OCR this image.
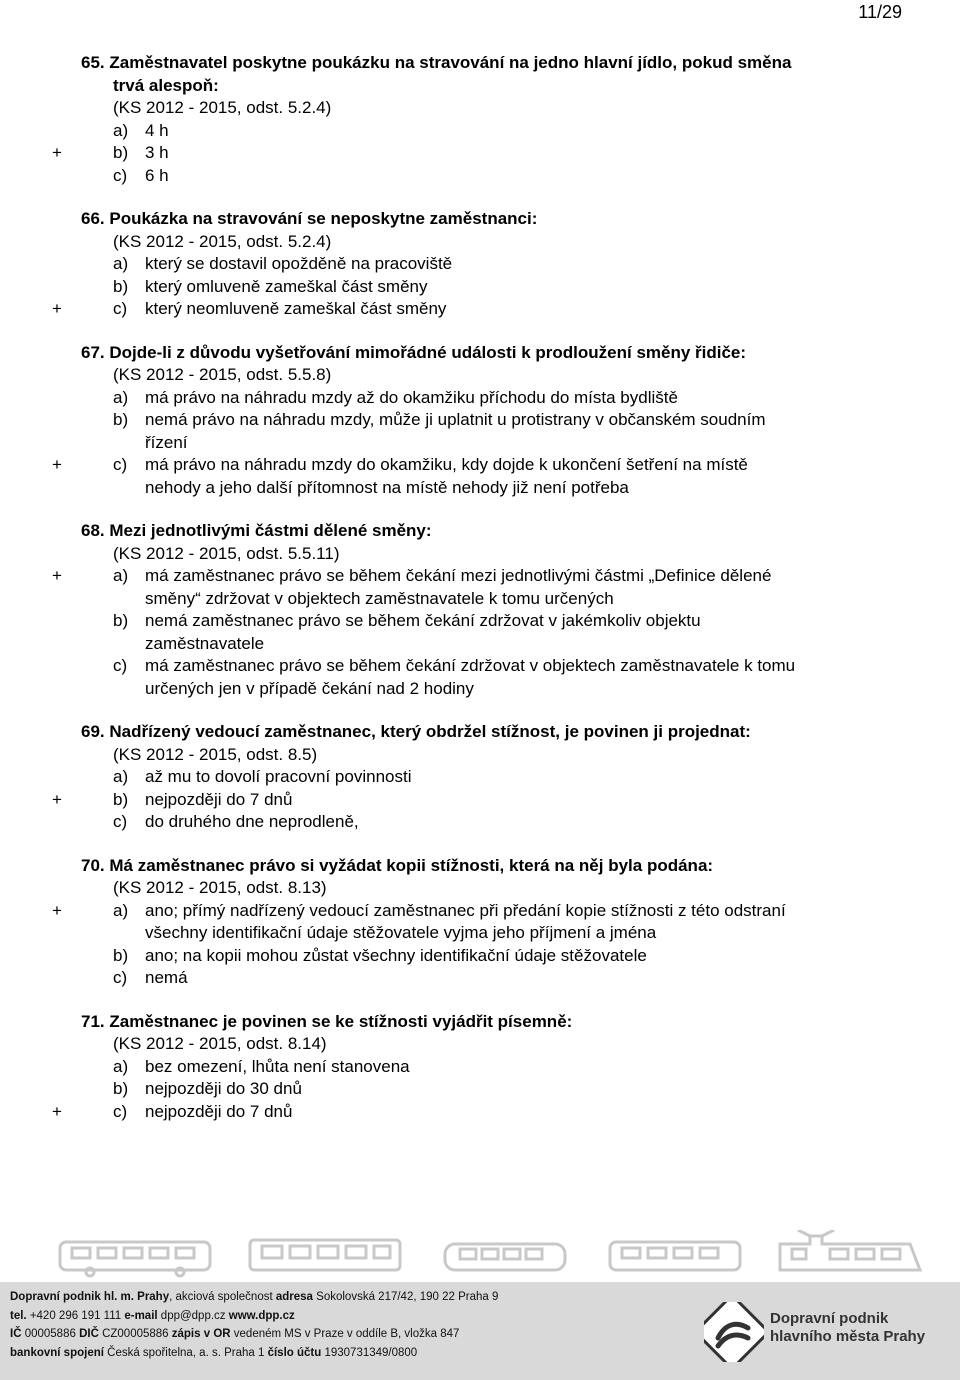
11/29
65. Zaměstnavatel poskytne poukázku na stravování na jedno hlavní jídlo, pokud směna
trvá alespoň:
(KS 2012 - 2015, odst. 5.2.4)
a) 4 h
+	b) 3 h
c) 6 h
66. Poukázka na stravování se neposkytne zaměstnanci:
(KS 2012 - 2015, odst. 5.2.4)
a) který se dostavil opožděně na pracoviště
b) který omluveně zameškal část směny
+	c) který neomluveně zameškal část směny
67. Dojde-li z důvodu vyšetřování mimořádné události k prodloužení směny řidiče:
(KS 2012 - 2015, odst. 5.5.8)
a) má právo na náhradu mzdy až do okamžiku příchodu do místa bydliště
b) nemá právo na náhradu mzdy, může ji uplatnit u protistrany v občanském soudním
řízení
+	c) má právo na náhradu mzdy do okamžiku, kdy dojde k ukončení šetření na místě
nehody a jeho další přítomnost na místě nehody již není potřeba
68. Mezi jednotlivými částmi dělené směny:
(KS 2012 - 2015, odst. 5.5.11)
+	a) má zaměstnanec právo se během čekání mezi jednotlivými částmi „Definice dělené
směny“ zdržovat v objektech zaměstnavatele k tomu určených
b) nemá zaměstnanec právo se během čekání zdržovat v jakémkoliv objektu
zaměstnavatele
c) má zaměstnanec právo se během čekání zdržovat v objektech zaměstnavatele k tomu
určených jen v případě čekání nad 2 hodiny
69. Nadřízený vedoucí zaměstnanec, který obdržel stížnost, je povinen ji projednat:
(KS 2012 - 2015, odst. 8.5)
a) až mu to dovolí pracovní povinnosti
+	b) nejpozději do 7 dnů
c) do druhého dne neprodleně,
70. Má zaměstnanec právo si vyžádat kopii stížnosti, která na něj byla podána:
(KS 2012 - 2015, odst. 8.13)
+	a) ano; přímý nadřízený vedoucí zaměstnanec při předání kopie stížnosti z této odstraní
všechny identifikační údaje stěžovatele vyjma jeho příjmení a jména
b) ano; na kopii mohou zůstat všechny identifikační údaje stěžovatele
c) nemá
71. Zaměstnanec je povinen se ke stížnosti vyjádřit písemně:
(KS 2012 - 2015, odst. 8.14)
a) bez omezení, lhůta není stanovena
b) nejpozději do 30 dnů
+	c) nejpozději do 7 dnů
Dopravní podnik hl. m. Prahy, akciová společnost adresa Sokolovská 217/42, 190 22 Praha 9
tel. +420 296 191 111 e-mail dpp@dpp.cz www.dpp.cz
IČ 00005886 DIČ CZ00005886 zápis v OR vedeném MS v Praze v oddíle B, vložka 847
bankovní spojení Česká spořitelna, a. s. Praha 1 číslo účtu 1930731349/0800
Dopravní podnik
hlavního města Prahy
